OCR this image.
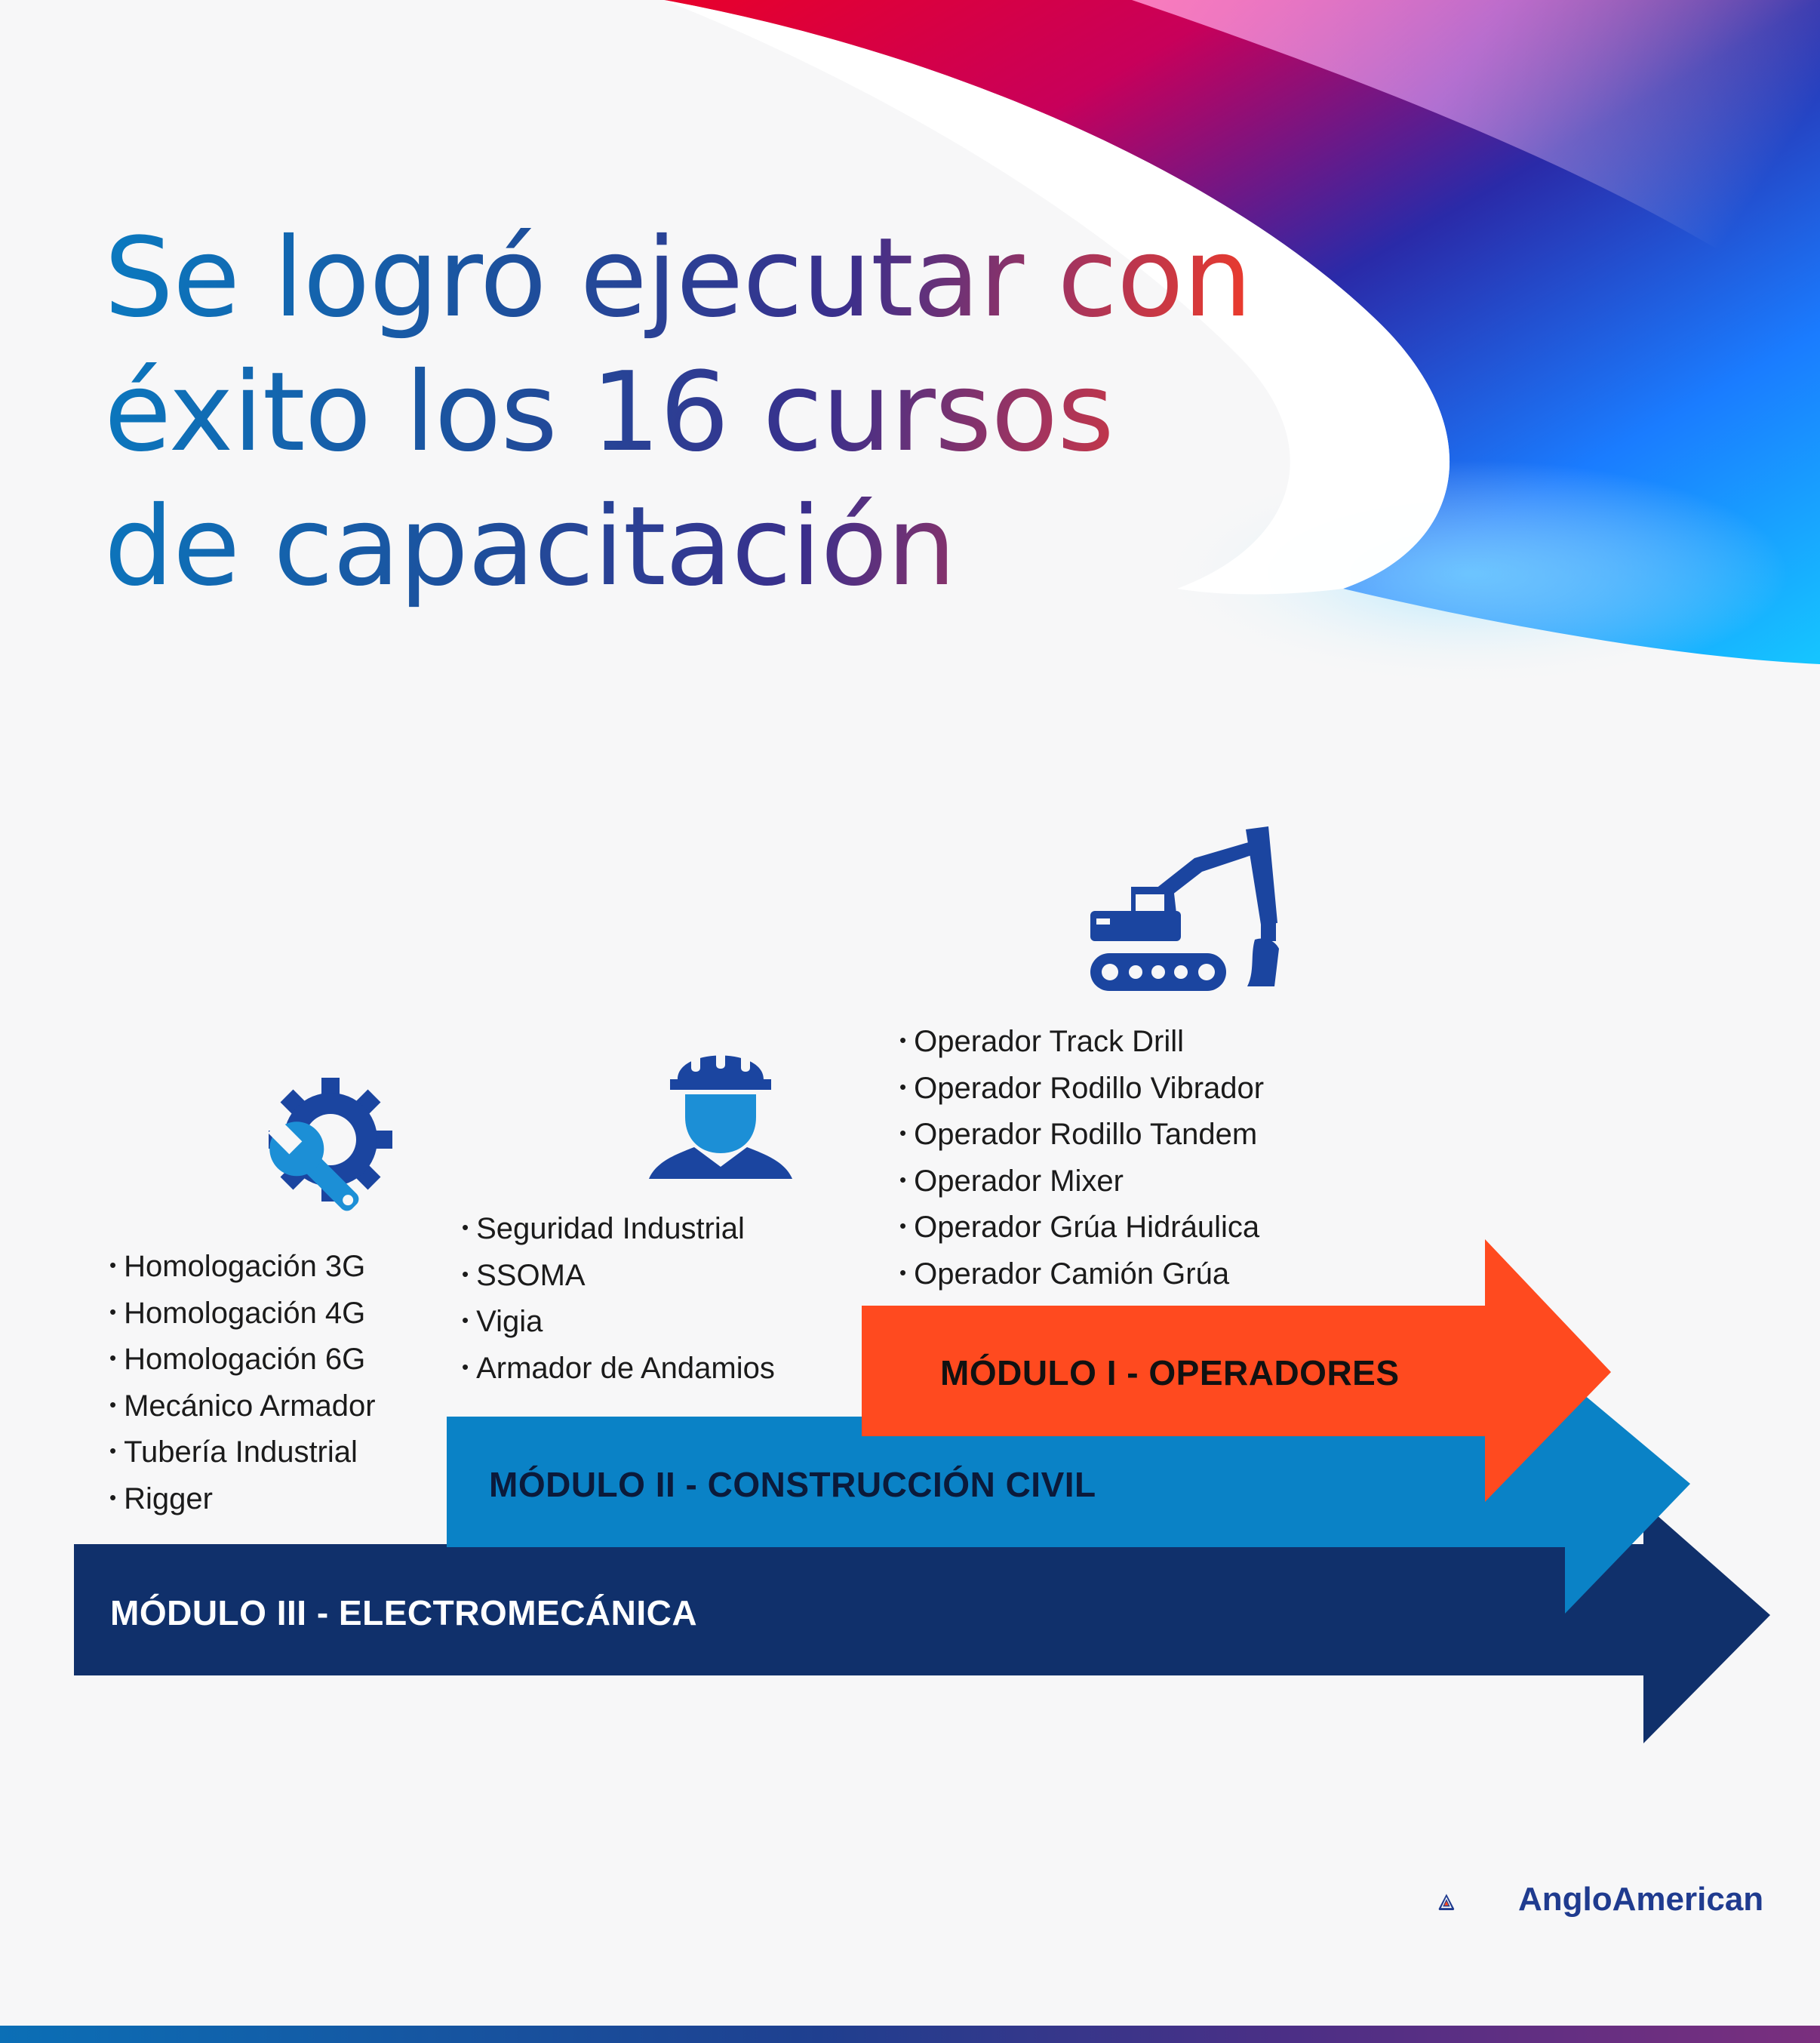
Se logró ejecutar con
éxito los 16 cursos
de capacitación
• Homologación 3G
• Homologación 4G
• Homologación 6G
• Mecánico Armador
• Tubería Industrial
• Rigger
• Seguridad Industrial
• SSOMA
• Vigia
• Armador de Andamios
• Operador Track Drill
• Operador Rodillo Vibrador
• Operador Rodillo Tandem
• Operador Mixer
• Operador Grúa Hidráulica
• Operador Camión Grúa

MÓDULO I - OPERADORES

MÓDULO II - CONSTRUCCIÓN CIVIL

MÓDULO III - ELECTROMECÁNICA

AngloAmerican
